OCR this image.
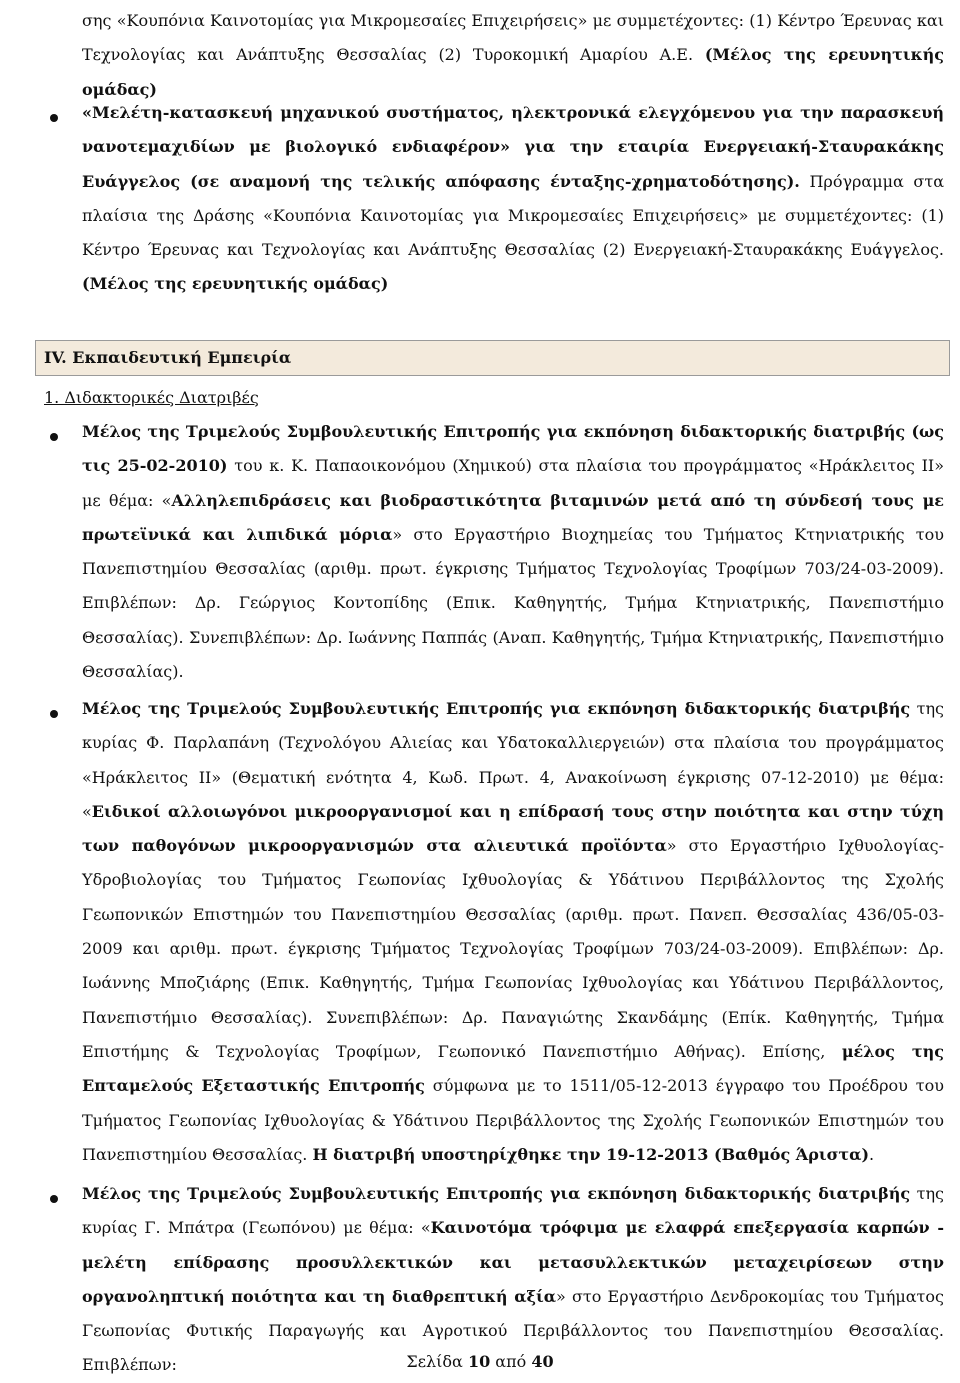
σης «Κουπόνια Καινοτομίας για Μικρομεσαίες Επιχειρήσεις» με συμμετέχοντες: (1) Κέντρο Έρευνας και Τεχνολογίας και Ανάπτυξης Θεσσαλίας (2) Τυροκομική Αμαρίου Α.Ε. (Μέλος της ερευνητικής ομάδας)

«Μελέτη-κατασκευή μηχανικού συστήματος, ηλεκτρονικά ελεγχόμενου για την παρασκευή νανοτεμαχιδίων με βιολογικό ενδιαφέρον» για την εταιρία Ενεργειακή-Σταυρακάκης Ευάγγελος (σε αναμονή της τελικής απόφασης ένταξης-χρηματοδότησης). Πρόγραμμα στα πλαίσια της Δράσης «Κουπόνια Καινοτομίας για Μικρομεσαίες Επιχειρήσεις» με συμμετέχοντες: (1) Κέντρο Έρευνας και Τεχνολογίας και Ανάπτυξης Θεσσαλίας (2) Ενεργειακή-Σταυρακάκης Ευάγγελος. (Μέλος της ερευνητικής ομάδας)

IV. Εκπαιδευτική Εμπειρία
1. Διδακτορικές Διατριβές

Μέλος της Τριμελούς Συμβουλευτικής Επιτροπής για εκπόνηση διδακτορικής διατριβής (ως τις 25-02-2010) του κ. Κ. Παπαοικονόμου (Χημικού) στα πλαίσια του προγράμματος «Ηράκλειτος ΙΙ» με θέμα: «Αλληλεπιδράσεις και βιοδραστικότητα βιταμινών μετά από τη σύνδεσή τους με πρωτεϊνικά και λιπιδικά μόρια» στο Εργαστήριο Βιοχημείας του Τμήματος Κτηνιατρικής του Πανεπιστημίου Θεσσαλίας (αριθμ. πρωτ. έγκρισης Τμήματος Τεχνολογίας Τροφίμων 703/24-03-2009). Επιβλέπων: Δρ. Γεώργιος Κοντοπίδης (Επικ. Καθηγητής, Τμήμα Κτηνιατρικής, Πανεπιστήμιο Θεσσαλίας). Συνεπιβλέπων: Δρ. Ιωάννης Παππάς (Αναπ. Καθηγητής, Τμήμα Κτηνιατρικής, Πανεπιστήμιο Θεσσαλίας).

Μέλος της Τριμελούς Συμβουλευτικής Επιτροπής για εκπόνηση διδακτορικής διατριβής της κυρίας Φ. Παρλαπάνη (Τεχνολόγου Αλιείας και Υδατοκαλλιεργειών) στα πλαίσια του προγράμματος «Ηράκλειτος ΙΙ» (Θεματική ενότητα 4, Κωδ. Πρωτ. 4, Ανακοίνωση έγκρισης 07-12-2010) με θέμα: «Ειδικοί αλλοιωγόνοι μικροοργανισμοί και η επίδρασή τους στην ποιότητα και στην τύχη των παθογόνων μικροοργανισμών στα αλιευτικά προϊόντα» στο Εργαστήριο Ιχθυολογίας-Υδροβιολογίας του Τμήματος Γεωπονίας Ιχθυολογίας & Υδάτινου Περιβάλλοντος της Σχολής Γεωπονικών Επιστημών του Πανεπιστημίου Θεσσαλίας (αριθμ. πρωτ. Πανεπ. Θεσσαλίας 436/05-03-2009 και αριθμ. πρωτ. έγκρισης Τμήματος Τεχνολογίας Τροφίμων 703/24-03-2009). Επιβλέπων: Δρ. Ιωάννης Μποζιάρης (Επικ. Καθηγητής, Τμήμα Γεωπονίας Ιχθυολογίας και Υδάτινου Περιβάλλοντος, Πανεπιστήμιο Θεσσαλίας). Συνεπιβλέπων: Δρ. Παναγιώτης Σκανδάμης (Επίκ. Καθηγητής, Τμήμα Επιστήμης & Τεχνολογίας Τροφίμων, Γεωπονικό Πανεπιστήμιο Αθήνας). Επίσης, μέλος της Επταμελούς Εξεταστικής Επιτροπής σύμφωνα με το 1511/05-12-2013 έγγραφο του Προέδρου του Τμήματος Γεωπονίας Ιχθυολογίας & Υδάτινου Περιβάλλοντος της Σχολής Γεωπονικών Επιστημών του Πανεπιστημίου Θεσσαλίας. Η διατριβή υποστηρίχθηκε την 19-12-2013 (Βαθμός Άριστα).

Μέλος της Τριμελούς Συμβουλευτικής Επιτροπής για εκπόνηση διδακτορικής διατριβής της κυρίας Γ. Μπάτρα (Γεωπόνου) με θέμα: «Καινοτόμα τρόφιμα με ελαφρά επεξεργασία καρπών - μελέτη επίδρασης προσυλλεκτικών και μετασυλλεκτικών μεταχειρίσεων στην οργανοληπτική ποιότητα και τη διαθρεπτική αξία» στο Εργαστήριο Δενδροκομίας του Τμήματος Γεωπονίας Φυτικής Παραγωγής και Αγροτικού Περιβάλλοντος του Πανεπιστημίου Θεσσαλίας. Επιβλέπων:	Σελίδα 10 από 40
